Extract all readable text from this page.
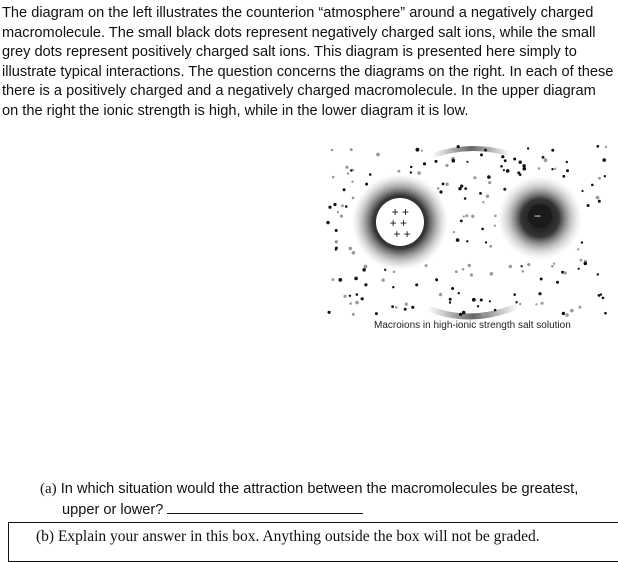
The diagram on the left illustrates the counterion “atmosphere” around a negatively charged macromolecule. The small black dots represent negatively charged salt ions, while the small grey dots represent positively charged salt ions. This diagram is presented here simply to illustrate typical interactions. The question concerns the diagrams on the right. In each of these there is a positively charged and a negatively charged macromolecule. In the upper diagram on the right the ionic strength is high, while in the lower diagram it is low.

+ + + + + +
−
Macroions in high-ionic strength salt solution
(a) In which situation would the attraction between the macromolecules be greatest,
upper or lower?
(b) Explain your answer in this box. Anything outside the box will not be graded.
